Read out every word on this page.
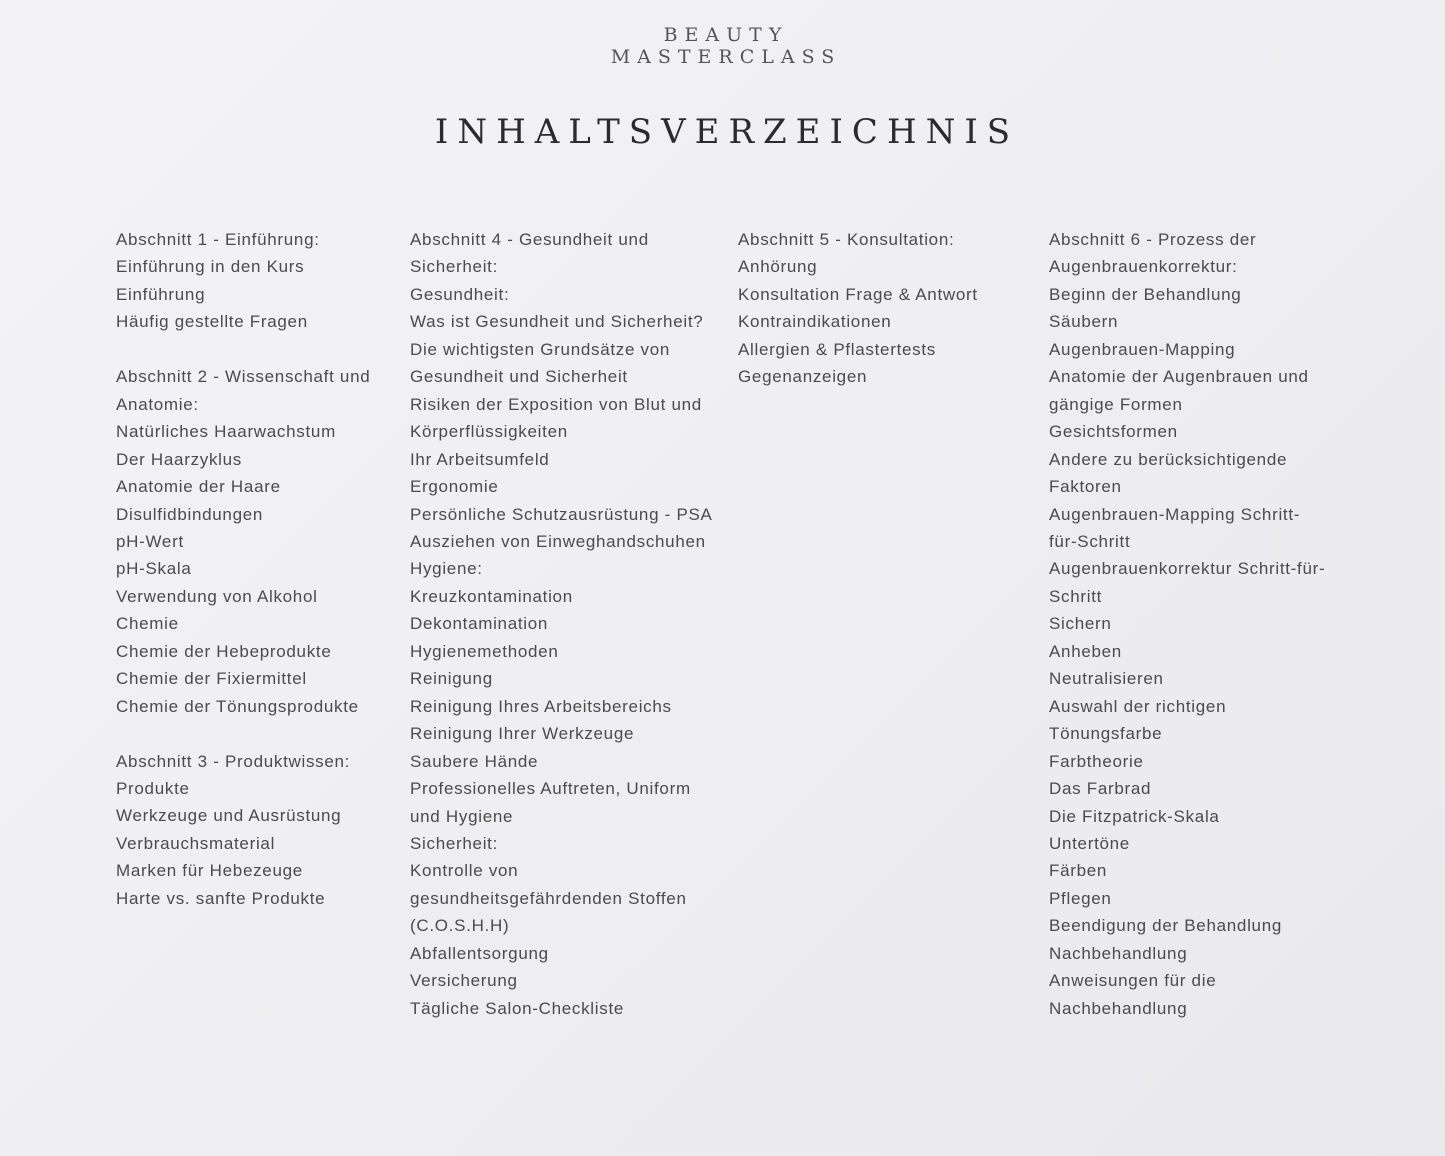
BEAUTY
MASTERCLASS
INHALTSVERZEICHNIS
Abschnitt 1 - Einführung:
Einführung in den Kurs
Einführung
Häufig gestellte Fragen
Abschnitt 2 - Wissenschaft und
Anatomie:
Natürliches Haarwachstum
Der Haarzyklus
Anatomie der Haare
Disulfidbindungen
pH-Wert
pH-Skala
Verwendung von Alkohol
Chemie
Chemie der Hebeprodukte
Chemie der Fixiermittel
Chemie der Tönungsprodukte
Abschnitt 3 - Produktwissen:
Produkte
Werkzeuge und Ausrüstung
Verbrauchsmaterial
Marken für Hebezeuge
Harte vs. sanfte Produkte
Abschnitt 4 - Gesundheit und
Sicherheit:
Gesundheit:
Was ist Gesundheit und Sicherheit?
Die wichtigsten Grundsätze von
Gesundheit und Sicherheit
Risiken der Exposition von Blut und
Körperflüssigkeiten
Ihr Arbeitsumfeld
Ergonomie
Persönliche Schutzausrüstung - PSA
Ausziehen von Einweghandschuhen
Hygiene:
Kreuzkontamination
Dekontamination
Hygienemethoden
Reinigung
Reinigung Ihres Arbeitsbereichs
Reinigung Ihrer Werkzeuge
Saubere Hände
Professionelles Auftreten, Uniform
und Hygiene
Sicherheit:
Kontrolle von
gesundheitsgefährdenden Stoffen
(C.O.S.H.H)
Abfallentsorgung
Versicherung
Tägliche Salon-Checkliste
Abschnitt 5 - Konsultation:
Anhörung
Konsultation Frage & Antwort
Kontraindikationen
Allergien & Pflastertests
Gegenanzeigen
Abschnitt 6 - Prozess der
Augenbrauenkorrektur:
Beginn der Behandlung
Säubern
Augenbrauen-Mapping
Anatomie der Augenbrauen und
gängige Formen
Gesichtsformen
Andere zu berücksichtigende
Faktoren
Augenbrauen-Mapping Schritt-
für-Schritt
Augenbrauenkorrektur Schritt-für-
Schritt
Sichern
Anheben
Neutralisieren
Auswahl der richtigen
Tönungsfarbe
Farbtheorie
Das Farbrad
Die Fitzpatrick-Skala
Untertöne
Färben
Pflegen
Beendigung der Behandlung
Nachbehandlung
Anweisungen für die
Nachbehandlung
